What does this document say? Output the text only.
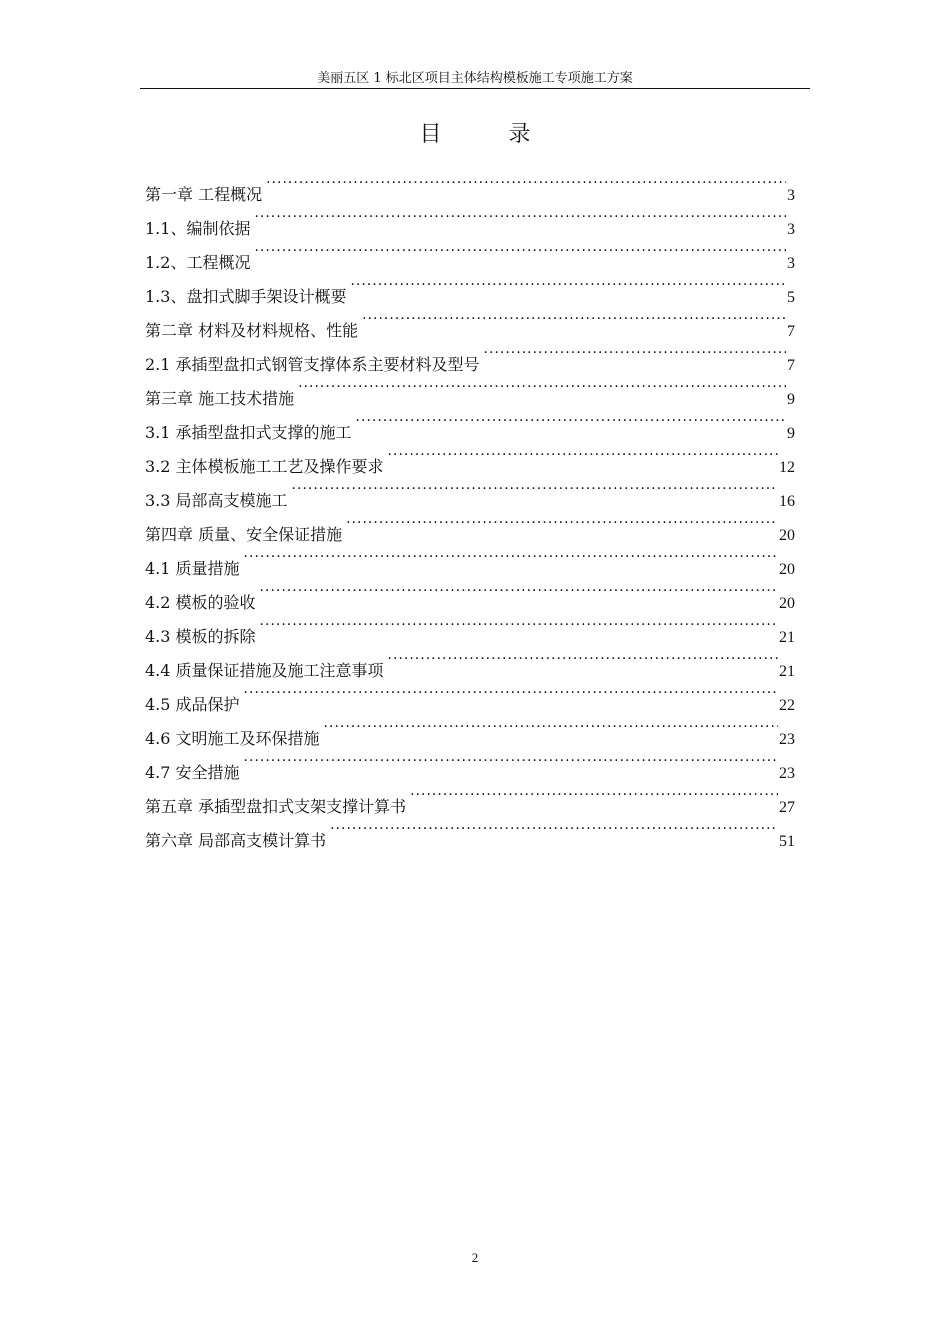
美丽五区 1 标北区项目主体结构模板施工专项施工方案
目 录
第一章 工程概况 ·····	3
1.1、编制依据 ·····	3
1.2、工程概况 ·····	3
1.3、盘扣式脚手架设计概要 ·····	5
第二章 材料及材料规格、性能 ·····	7
2.1 承插型盘扣式钢管支撑体系主要材料及型号 ·····	7
第三章 施工技术措施 ·····	9
3.1 承插型盘扣式支撑的施工 ·····	9
3.2 主体模板施工工艺及操作要求 ·····	12
3.3 局部高支模施工 ·····	16
第四章 质量、安全保证措施 ·····	20
4.1 质量措施 ·····	20
4.2 模板的验收 ·····	20
4.3 模板的拆除 ·····	21
4.4 质量保证措施及施工注意事项 ·····	21
4.5 成品保护 ·····	22
4.6 文明施工及环保措施 ·····	23
4.7 安全措施 ·····	23
第五章 承插型盘扣式支架支撑计算书 ·····	27
第六章 局部高支模计算书 ·····	51
2
